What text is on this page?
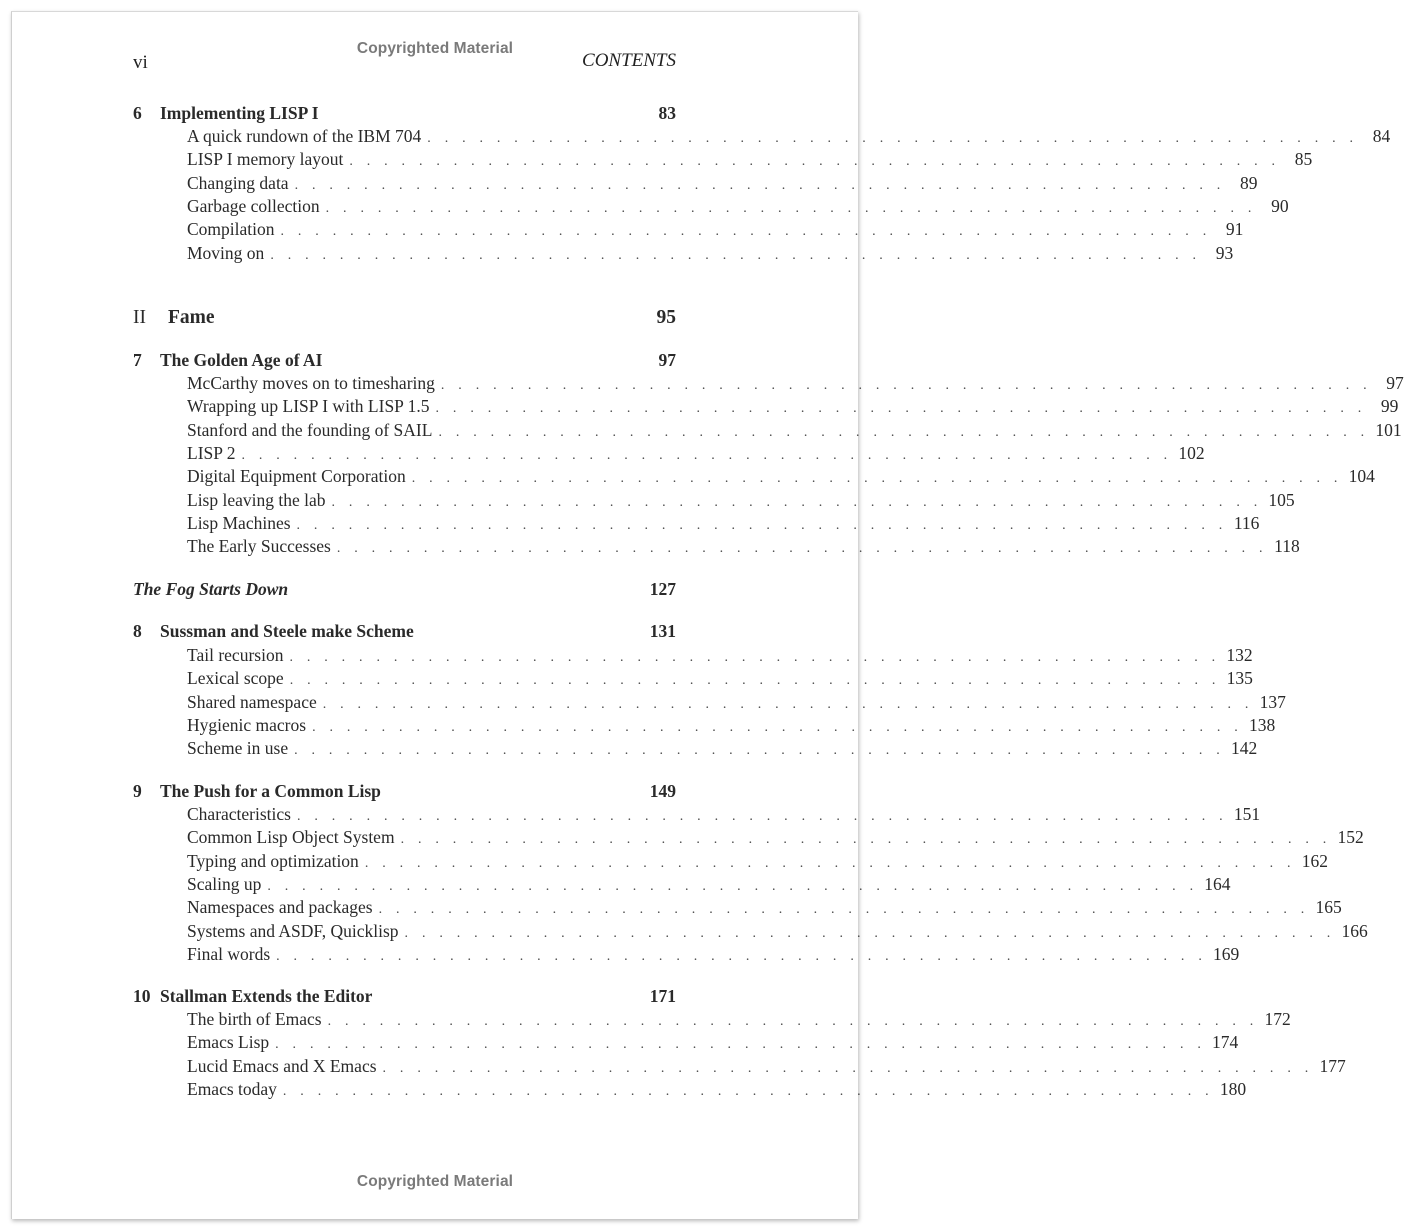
Copyrighted Material
vi	CONTENTS
6	Implementing LISP I	83
A quick rundown of the IBM 704 . . . . . . . . . . . . . . . . . . . . . . . . . . . . . . . . . . . . . . . . . . . . . . . . . . . . . . 84
LISP I memory layout . . . . . . . . . . . . . . . . . . . . . . . . . . . . . . . . . . . . . . . . . . . . . . . . . . . . . . 85
Changing data . . . . . . . . . . . . . . . . . . . . . . . . . . . . . . . . . . . . . . . . . . . . . . . . . . . . . . 89
Garbage collection . . . . . . . . . . . . . . . . . . . . . . . . . . . . . . . . . . . . . . . . . . . . . . . . . . . . . . 90
Compilation . . . . . . . . . . . . . . . . . . . . . . . . . . . . . . . . . . . . . . . . . . . . . . . . . . . . . . 91
Moving on . . . . . . . . . . . . . . . . . . . . . . . . . . . . . . . . . . . . . . . . . . . . . . . . . . . . . . 93
II	Fame	95
7	The Golden Age of AI	97
McCarthy moves on to timesharing . . . . . . . . . . . . . . . . . . . . . . . . . . . . . . . . . . . . . . . . . . . . . . . . . . . . . . 97
Wrapping up LISP I with LISP 1.5 . . . . . . . . . . . . . . . . . . . . . . . . . . . . . . . . . . . . . . . . . . . . . . . . . . . . . . 99
Stanford and the founding of SAIL . . . . . . . . . . . . . . . . . . . . . . . . . . . . . . . . . . . . . . . . . . . . . . . . . . . . . . 101
LISP 2 . . . . . . . . . . . . . . . . . . . . . . . . . . . . . . . . . . . . . . . . . . . . . . . . . . . . . . 102
Digital Equipment Corporation . . . . . . . . . . . . . . . . . . . . . . . . . . . . . . . . . . . . . . . . . . . . . . . . . . . . . . 104
Lisp leaving the lab . . . . . . . . . . . . . . . . . . . . . . . . . . . . . . . . . . . . . . . . . . . . . . . . . . . . . . 105
Lisp Machines . . . . . . . . . . . . . . . . . . . . . . . . . . . . . . . . . . . . . . . . . . . . . . . . . . . . . . 116
The Early Successes . . . . . . . . . . . . . . . . . . . . . . . . . . . . . . . . . . . . . . . . . . . . . . . . . . . . . . 118
The Fog Starts Down	127
8	Sussman and Steele make Scheme	131
Tail recursion . . . . . . . . . . . . . . . . . . . . . . . . . . . . . . . . . . . . . . . . . . . . . . . . . . . . . . 132
Lexical scope . . . . . . . . . . . . . . . . . . . . . . . . . . . . . . . . . . . . . . . . . . . . . . . . . . . . . . 135
Shared namespace . . . . . . . . . . . . . . . . . . . . . . . . . . . . . . . . . . . . . . . . . . . . . . . . . . . . . . 137
Hygienic macros . . . . . . . . . . . . . . . . . . . . . . . . . . . . . . . . . . . . . . . . . . . . . . . . . . . . . . 138
Scheme in use . . . . . . . . . . . . . . . . . . . . . . . . . . . . . . . . . . . . . . . . . . . . . . . . . . . . . . 142
9	The Push for a Common Lisp	149
Characteristics . . . . . . . . . . . . . . . . . . . . . . . . . . . . . . . . . . . . . . . . . . . . . . . . . . . . . . 151
Common Lisp Object System . . . . . . . . . . . . . . . . . . . . . . . . . . . . . . . . . . . . . . . . . . . . . . . . . . . . . . 152
Typing and optimization . . . . . . . . . . . . . . . . . . . . . . . . . . . . . . . . . . . . . . . . . . . . . . . . . . . . . . 162
Scaling up . . . . . . . . . . . . . . . . . . . . . . . . . . . . . . . . . . . . . . . . . . . . . . . . . . . . . . 164
Namespaces and packages . . . . . . . . . . . . . . . . . . . . . . . . . . . . . . . . . . . . . . . . . . . . . . . . . . . . . . 165
Systems and ASDF, Quicklisp . . . . . . . . . . . . . . . . . . . . . . . . . . . . . . . . . . . . . . . . . . . . . . . . . . . . . . 166
Final words . . . . . . . . . . . . . . . . . . . . . . . . . . . . . . . . . . . . . . . . . . . . . . . . . . . . . . 169
10 Stallman Extends the Editor	171
The birth of Emacs . . . . . . . . . . . . . . . . . . . . . . . . . . . . . . . . . . . . . . . . . . . . . . . . . . . . . . 172
Emacs Lisp . . . . . . . . . . . . . . . . . . . . . . . . . . . . . . . . . . . . . . . . . . . . . . . . . . . . . . 174
Lucid Emacs and X Emacs . . . . . . . . . . . . . . . . . . . . . . . . . . . . . . . . . . . . . . . . . . . . . . . . . . . . . . 177
Emacs today . . . . . . . . . . . . . . . . . . . . . . . . . . . . . . . . . . . . . . . . . . . . . . . . . . . . . . 180
Copyrighted Material
